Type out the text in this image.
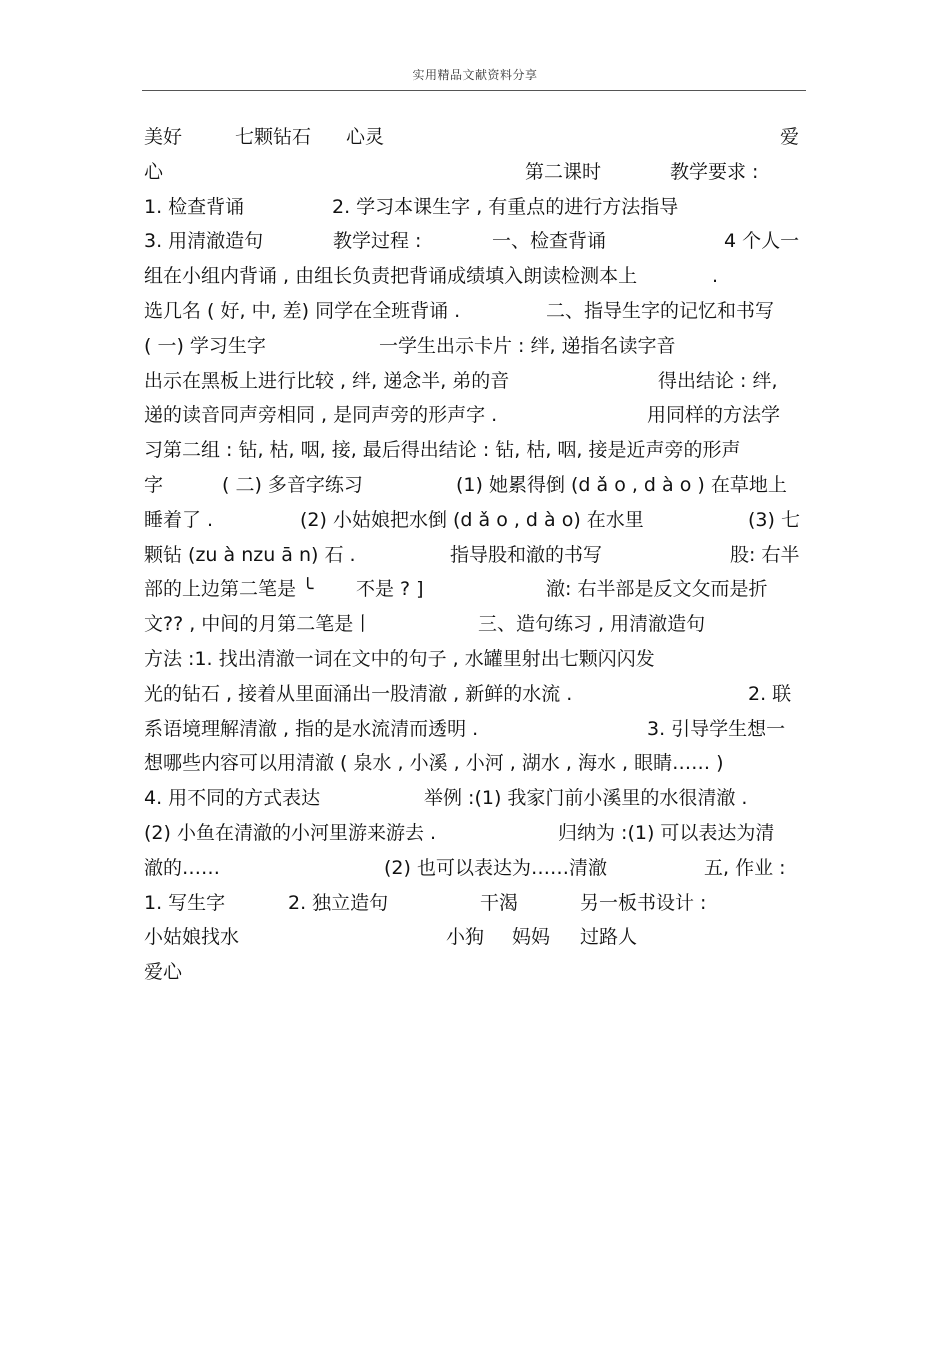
实用精品文献资料分享
美好	七颗钻石 心灵	爱
心	第二课时	教学要求 :
1. 检查背诵	2. 学习本课生字 , 有重点的进行方法指导
3. 用清澈造句	教学过程 :	一、检查背诵	4 个人一
组在小组内背诵 , 由组长负责把背诵成绩填入朗读检测本上	.
选几名 ( 好, 中, 差) 同学在全班背诵 .	二、指导生字的记忆和书写
( 一) 学习生字	一学生出示卡片 : 绊, 递指名读字音
出示在黑板上进行比较 , 绊, 递念半, 弟的音	得出结论 : 绊,
递的读音同声旁相同 , 是同声旁的形声字 .	用同样的方法学
习第二组 : 钻, 枯, 咽, 接, 最后得出结论 : 钻, 枯, 咽, 接是近声旁的形声
字	( 二) 多音字练习	(1) 她累得倒 (d ǎ o , d à o ) 在草地上
睡着了 .	(2) 小姑娘把水倒 (d ǎ o , d à o) 在水里	(3) 七
颗钻 (zu à nzu ā n) 石 .	指导股和澈的书写	股: 右半
部的上边第二笔是 ╰ 不是 ? ]	澈: 右半部是反文攵而是折
文?? , 中间的月第二笔是丨	三、造句练习 , 用清澈造句
方法 :1. 找出清澈一词在文中的句子 , 水罐里射出七颗闪闪发
光的钻石 , 接着从里面涌出一股清澈 , 新鲜的水流 .	2. 联
系语境理解清澈 , 指的是水流清而透明 .	3. 引导学生想一
想哪些内容可以用清澈 ( 泉水 , 小溪 , 小河 , 湖水 , 海水 , 眼睛…… )
4. 用不同的方式表达	举例 :(1) 我家门前小溪里的水很清澈 .
(2) 小鱼在清澈的小河里游来游去 .	归纳为 :(1) 可以表达为清
澈的……	(2) 也可以表达为……清澈	五, 作业 :
1. 写生字	2. 独立造句	干渴	另一板书设计 :
小姑娘找水	小狗 妈妈 过路人
爱心
